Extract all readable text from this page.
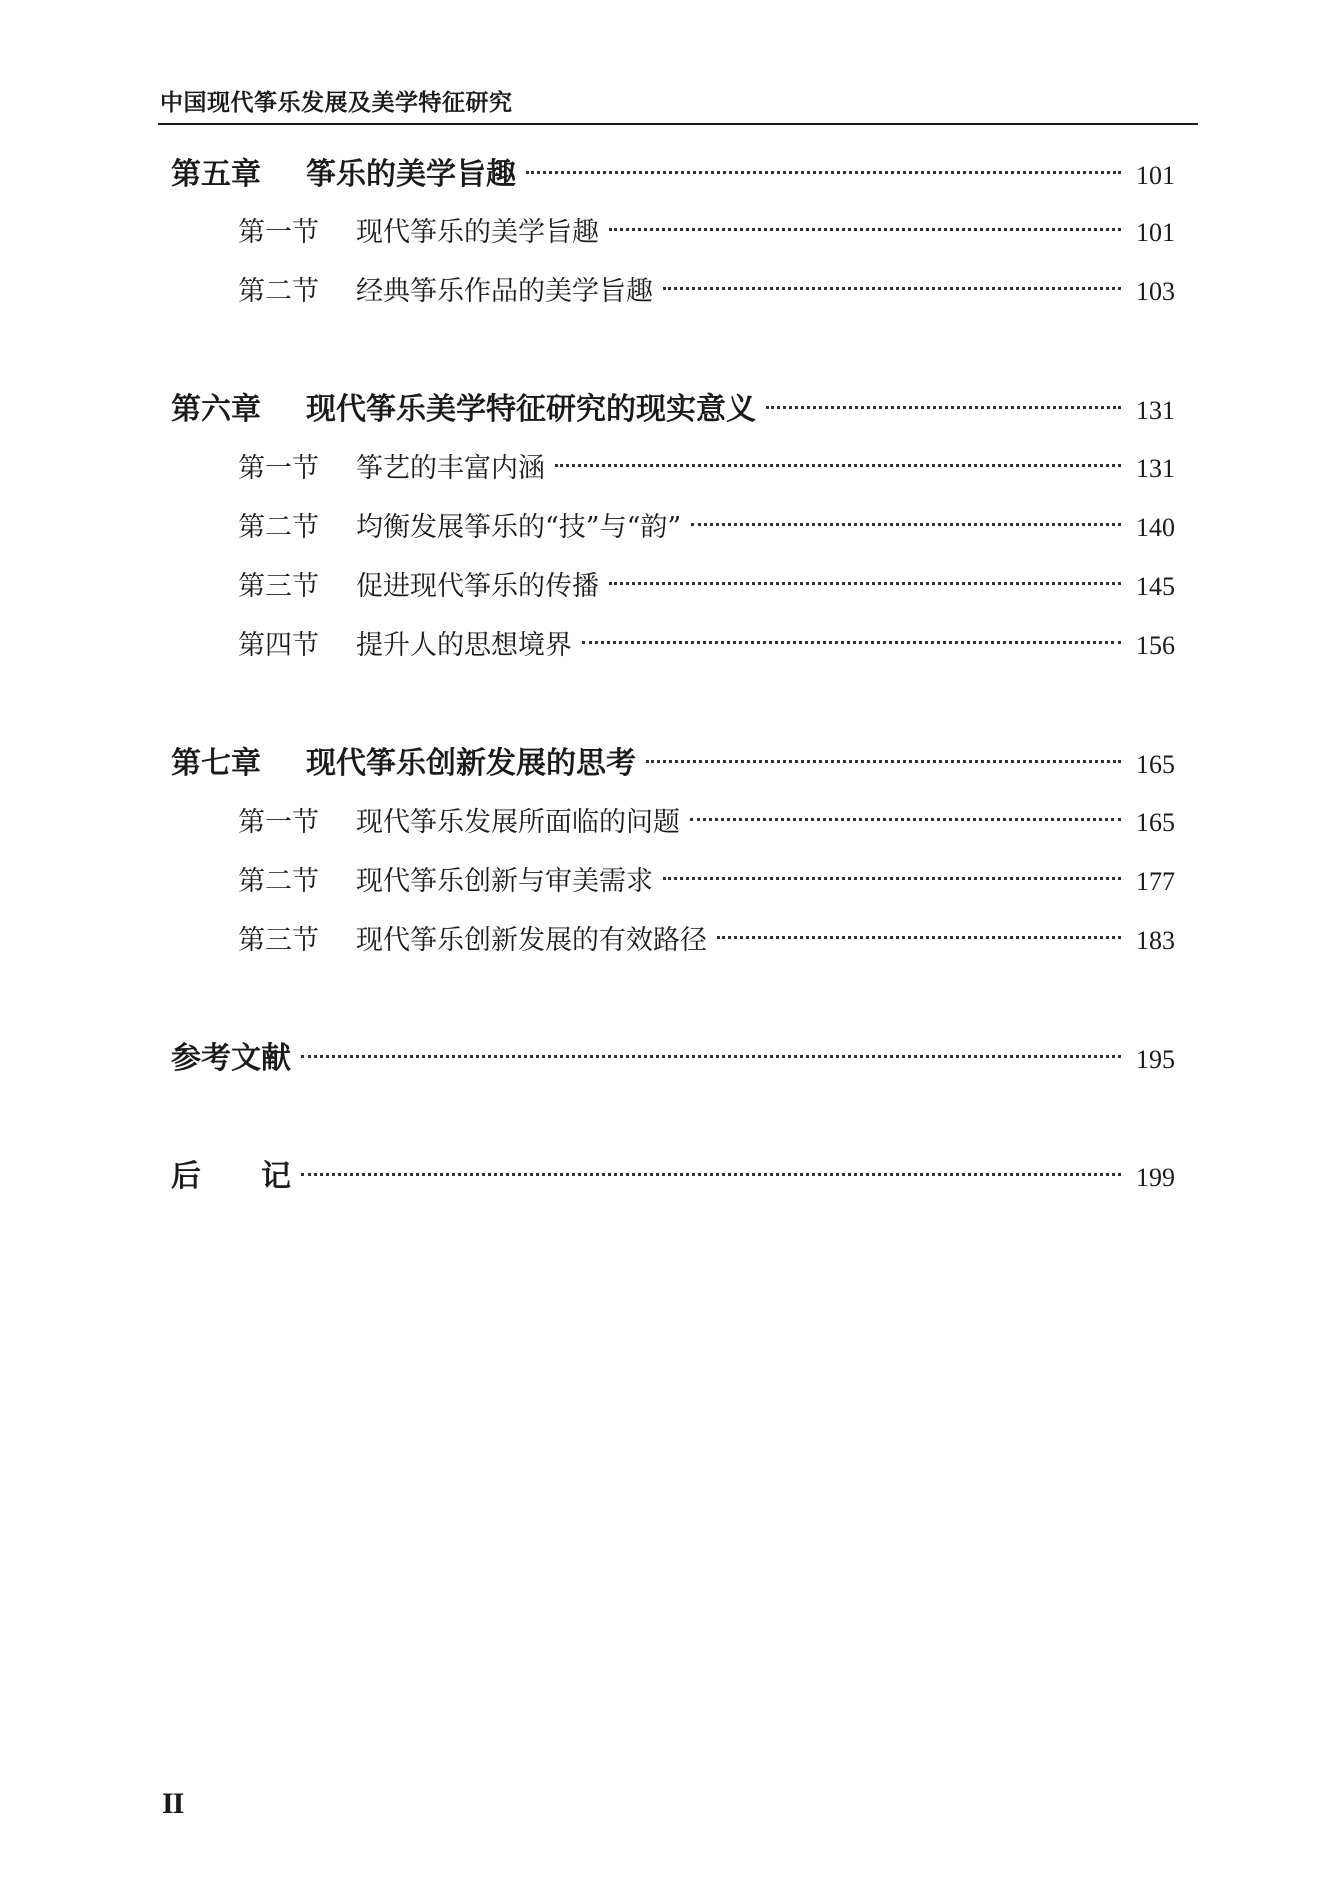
中国现代筝乐发展及美学特征研究
第五章	筝乐的美学旨趣	101
第一节	现代筝乐的美学旨趣	101
第二节	经典筝乐作品的美学旨趣	103
第六章	现代筝乐美学特征研究的现实意义	131
第一节	筝艺的丰富内涵	131
第二节	均衡发展筝乐的“技”与“韵”	140
第三节	促进现代筝乐的传播	145
第四节	提升人的思想境界	156
第七章	现代筝乐创新发展的思考	165
第一节	现代筝乐发展所面临的问题	165
第二节	现代筝乐创新与审美需求	177
第三节	现代筝乐创新发展的有效路径	183
参考文献	195
后　　记	199
II
